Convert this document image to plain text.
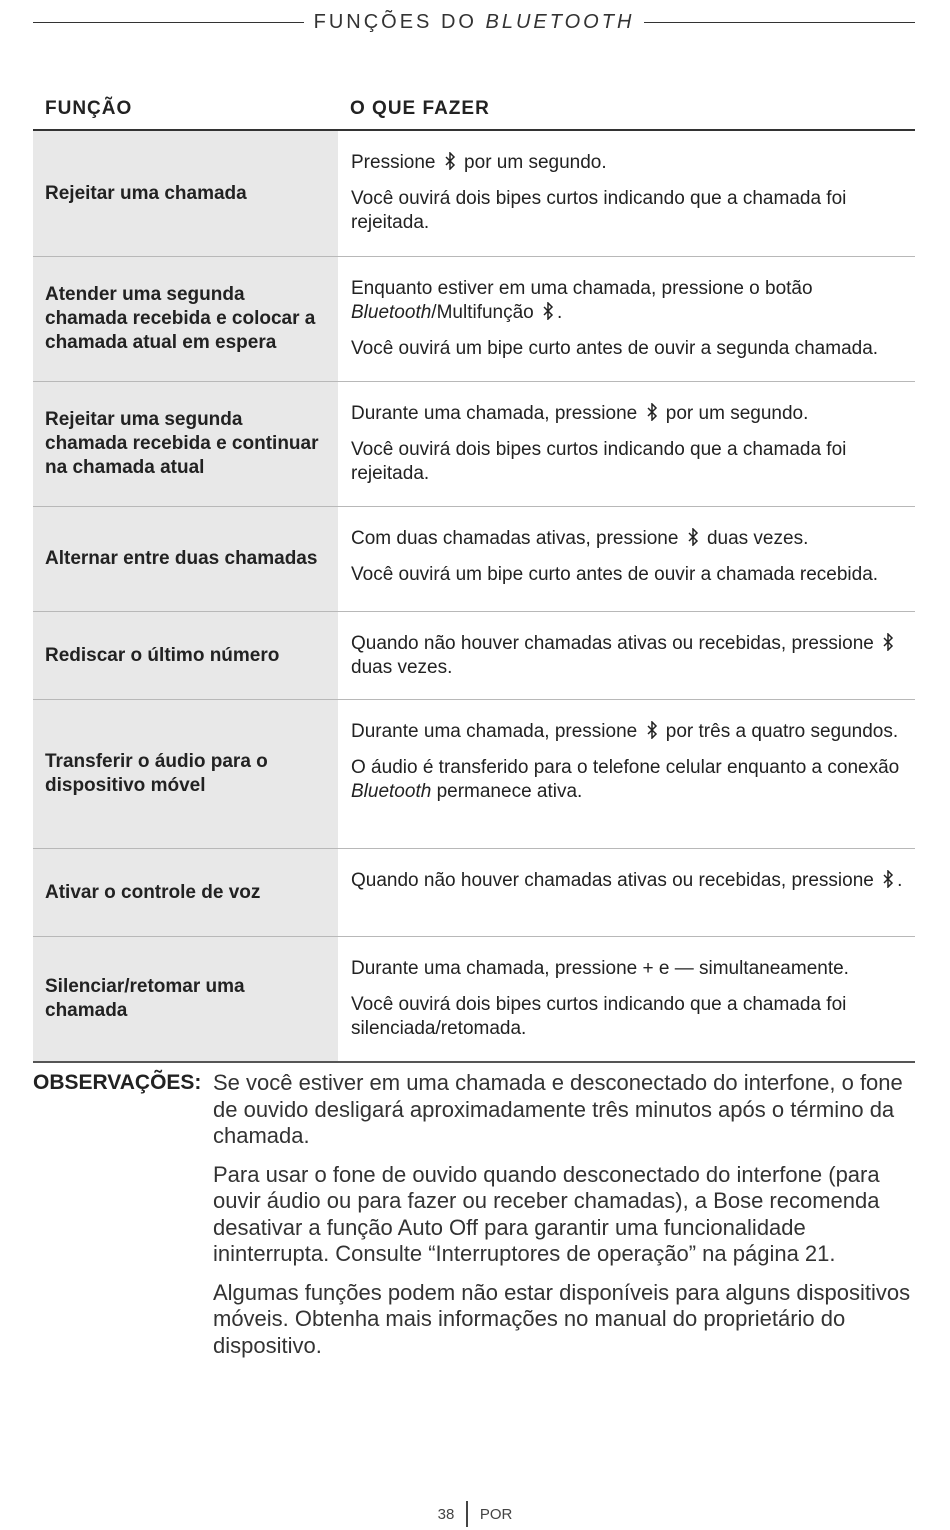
FUNÇÕES DO BLUETOOTH
FUNÇÃO	O QUE FAZER
Rejeitar uma chamada

Pressione  por um segundo.

Você ouvirá dois bipes curtos indicando que a chamada foi rejeitada.

Atender uma segunda chamada recebida e colocar a chamada atual em espera

Enquanto estiver em uma chamada, pressione o botão Bluetooth/Multifunção .

Você ouvirá um bipe curto antes de ouvir a segunda chamada.

Rejeitar uma segunda chamada recebida e continuar na chamada atual

Durante uma chamada, pressione  por um segundo.

Você ouvirá dois bipes curtos indicando que a chamada foi rejeitada.

Alternar entre duas chamadas

Com duas chamadas ativas, pressione  duas vezes.

Você ouvirá um bipe curto antes de ouvir a chamada recebida.

Rediscar o último número

Quando não houver chamadas ativas ou recebidas, pressione  duas vezes.

Transferir o áudio para o dispositivo móvel

Durante uma chamada, pressione  por três a quatro segundos.

O áudio é transferido para o telefone celular enquanto a conexão Bluetooth permanece ativa.

Ativar o controle de voz

Quando não houver chamadas ativas ou recebidas, pressione .

Silenciar/retomar uma chamada

Durante uma chamada, pressione + e — simultaneamente.

Você ouvirá dois bipes curtos indicando que a chamada foi silenciada/retomada.

OBSERVAÇÕES: Se você estiver em uma chamada e desconectado do interfone, o fone de ouvido desligará aproximadamente três minutos após o término da chamada.

Para usar o fone de ouvido quando desconectado do interfone (para ouvir áudio ou para fazer ou receber chamadas), a Bose recomenda desativar a função Auto Off para garantir uma funcionalidade ininterrupta. Consulte “Interruptores de operação” na página 21.

Algumas funções podem não estar disponíveis para alguns dispositivos móveis. Obtenha mais informações no manual do proprietário do dispositivo.

38 POR
